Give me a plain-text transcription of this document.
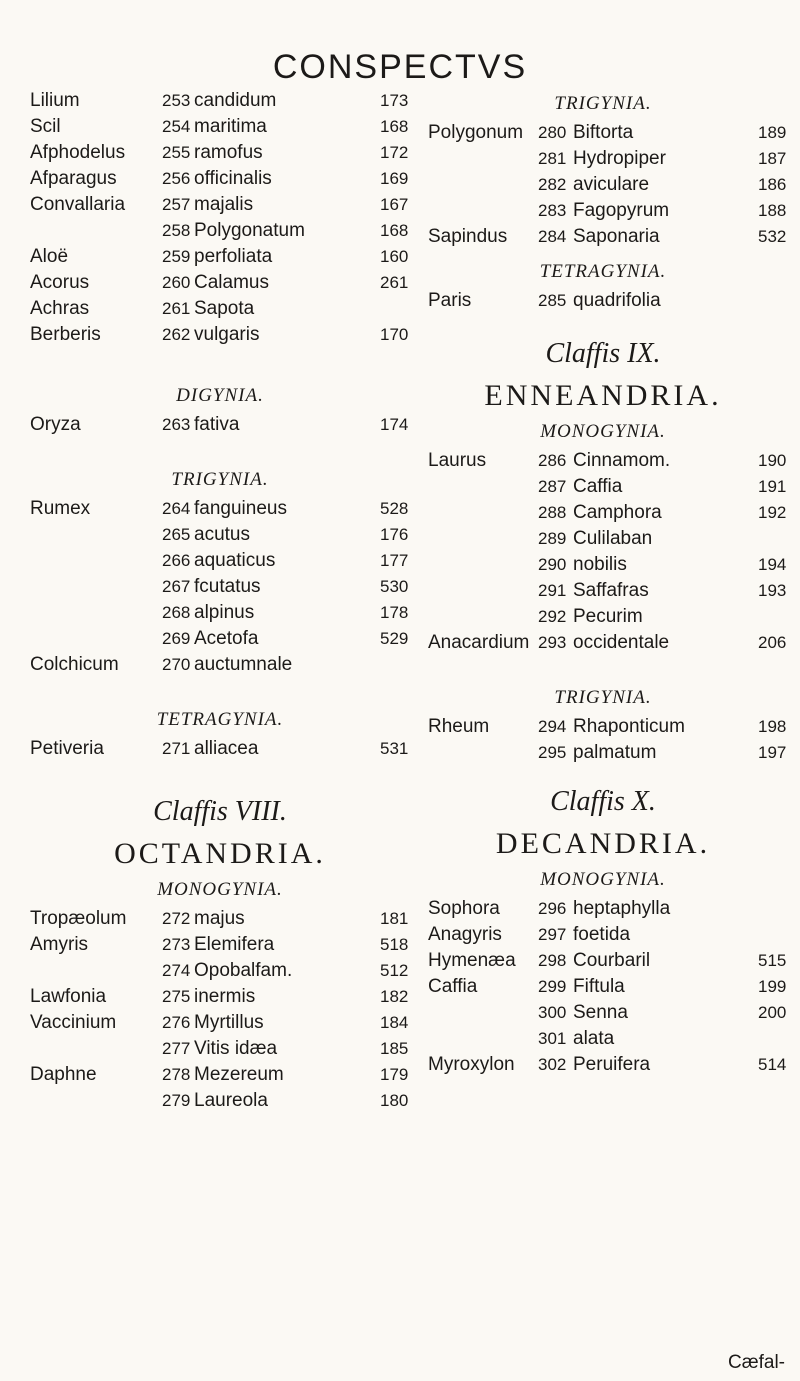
CONSPECTVS
Lilium	253 candidum	173
Scil	254 maritima	168
Afphodelus 255 ramofus	172
Afparagus	256 officinalis	169
Convallaria 257 majalis	167
258 Polygonatum	168
Aloë	259 perfoliata	160
Acorus	260 Calamus	261
Achras	261 Sapota
Berberis	262 vulgaris	170
DIGYNIA.
Oryza	263 fativa	174
TRIGYNIA.
Rumex	264 fanguineus	528
265 acutus	176
266 aquaticus	177
267 fcutatus	530
268 alpinus	178
269 Acetofa	529
Colchicum	270 auctumnale
TETRAGYNIA.
Petiveria	271 alliacea	531
Claffis VIII.
OCTANDRIA.
MONOGYNIA.
Tropæolum 272 majus	181
Amyris	273 Elemifera	518
274 Opobalfam.	512
Lawfonia	275 inermis	182
Vaccinium	276 Myrtillus	184
277 Vitis idæa	185
Daphne	278 Mezereum	179
279 Laureola	180
TRIGYNIA.
Polygonum 280 Biftorta	189
281 Hydropiper	187
282 aviculare	186
283 Fagopyrum	188
Sapindus 284 Saponaria	532
TETRAGYNIA.
Paris	285 quadrifolia
Claffis IX.
ENNEANDRIA.
MONOGYNIA.
Laurus	286 Cinnamom.	190
287 Caffia	191
288 Camphora	192
289 Culilaban
290 nobilis	194
291 Saffafras	193
292 Pecurim
Anacardium 293 occidentale	206
TRIGYNIA.
Rheum	294 Rhaponticum	198
295 palmatum	197
Claffis X.
DECANDRIA.
MONOGYNIA.
Sophora 296 heptaphylla
Anagyris 297 foetida
Hymenæa 298 Courbaril	515
Caffia	299 Fiftula	199
300 Senna	200
301 alata
Myroxylon 302 Peruifera	514
Cæfal-
